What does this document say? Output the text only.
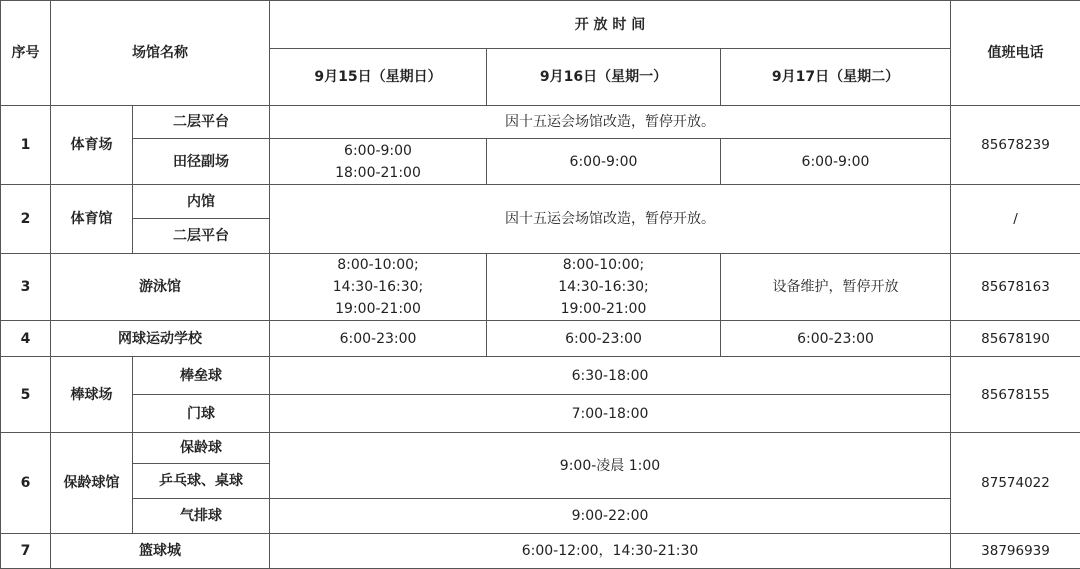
序号	场馆名称		开 放 时 间			值班电话
			9月15日（星期日）	9月16日（星期一）	9月17日（星期二）	
1	体育场	二层平台	因十五运会场馆改造，暂停开放。			85678239
		田径副场	6:00-9:00
18:00-21:00	6:00-9:00	6:00-9:00	
2	体育馆	内馆	因十五运会场馆改造，暂停开放。			/
		二层平台				
3	游泳馆		8:00-10:00;
14:30-16:30;
19:00-21:00	8:00-10:00;
14:30-16:30;
19:00-21:00	设备维护，暂停开放	85678163
4	网球运动学校		6:00-23:00	6:00-23:00	6:00-23:00	85678190
5	棒球场	棒垒球	6:30-18:00			85678155
		门球	7:00-18:00			
6	保龄球馆	保龄球	9:00-凌晨 1:00			87574022
		乒乓球、桌球				
		气排球	9:00-22:00			
7	篮球城		6:00-12:00，14:30-21:30			38796939
